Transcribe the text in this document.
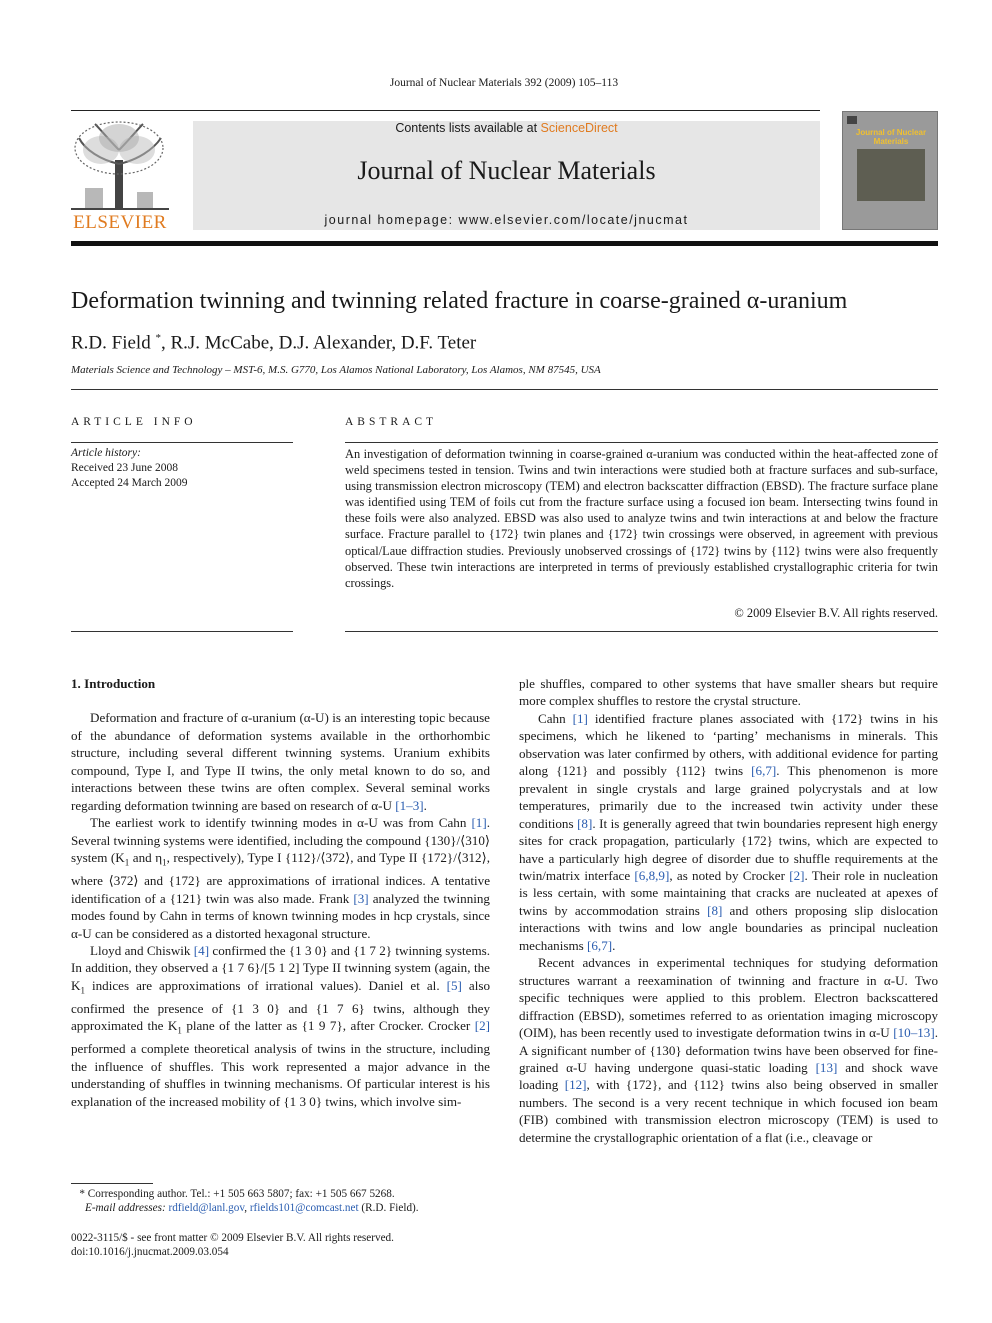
Journal of Nuclear Materials 392 (2009) 105–113
ELSEVIER
Contents lists available at ScienceDirect
Journal of Nuclear Materials
journal homepage: www.elsevier.com/locate/jnucmat
Journal of Nuclear Materials
Deformation twinning and twinning related fracture in coarse-grained α-uranium
R.D. Field *, R.J. McCabe, D.J. Alexander, D.F. Teter
Materials Science and Technology – MST-6, M.S. G770, Los Alamos National Laboratory, Los Alamos, NM 87545, USA
ARTICLE INFO	ABSTRACT
Article history:
Received 23 June 2008
Accepted 24 March 2009
An investigation of deformation twinning in coarse-grained α-uranium was conducted within the heat-affected zone of weld specimens tested in tension. Twins and twin interactions were studied both at fracture surfaces and sub-surface, using transmission electron microscopy (TEM) and electron backscatter diffraction (EBSD). The fracture surface plane was identified using TEM of foils cut from the fracture surface using a focused ion beam. Intersecting twins found in these foils were also analyzed. EBSD was also used to analyze twins and twin interactions at and below the fracture surface. Fracture parallel to {172} twin planes and {172} twin crossings were observed, in agreement with previous optical/Laue diffraction studies. Previously unobserved crossings of {172} twins by {112} twins were also frequently observed. These twin interactions are interpreted in terms of previously established crystallographic criteria for twin crossings.
© 2009 Elsevier B.V. All rights reserved.

1. Introduction

Deformation and fracture of α-uranium (α-U) is an interesting topic because of the abundance of deformation systems available in the orthorhombic structure, including several different twinning systems. Uranium exhibits compound, Type I, and Type II twins, the only metal known to do so, and interactions between these twins are often complex. Several seminal works regarding deformation twinning are based on research of α-U [1–3].

The earliest work to identify twinning modes in α-U was from Cahn [1]. Several twinning systems were identified, including the compound {130}/⟨310⟩ system ($K_1$ and $\eta_1$, respectively), Type I {112}/⟨372⟩, and Type II {172}/⟨312⟩, where ⟨372⟩ and {172} are approximations of irrational indices. A tentative identification of a {121} twin was also made. Frank [3] analyzed the twinning modes found by Cahn in terms of known twinning modes in hcp crystals, since α-U can be considered as a distorted hexagonal structure.

Lloyd and Chiswik [4] confirmed the {1 3 0} and {1 7 2} twinning systems. In addition, they observed a {1 7 6}/[5 1 2] Type II twinning system (again, the $K_1$ indices are approximations of irrational values). Daniel et al. [5] also confirmed the presence of {1 3 0} and {1 7 6} twins, although they approximated the $K_1$ plane of the latter as {1 9 7}, after Crocker. Crocker [2] performed a complete theoretical analysis of twins in the structure, including the influence of shuffles. This work represented a major advance in the understanding of shuffles in twinning mechanisms. Of particular interest is his explanation of the increased mobility of {1 3 0} twins, which involve sim-

ple shuffles, compared to other systems that have smaller shears but require more complex shuffles to restore the crystal structure.

Cahn [1] identified fracture planes associated with {172} twins in his specimens, which he likened to ‘parting’ mechanisms in minerals. This observation was later confirmed by others, with additional evidence for parting along {121} and possibly {112} twins [6,7]. This phenomenon is more prevalent in single crystals and large grained polycrystals and at low temperatures, primarily due to the increased twin activity under these conditions [8]. It is generally agreed that twin boundaries represent high energy sites for crack propagation, particularly {172} twins, which are expected to have a particularly high degree of disorder due to shuffle requirements at the twin/matrix interface [6,8,9], as noted by Crocker [2]. Their role in nucleation is less certain, with some maintaining that cracks are nucleated at apexes of twins by accommodation strains [8] and others proposing slip dislocation interactions with twins and low angle boundaries as principal nucleation mechanisms [6,7].

Recent advances in experimental techniques for studying deformation structures warrant a reexamination of twinning and fracture in α-U. Two specific techniques were applied to this problem. Electron backscattered diffraction (EBSD), sometimes referred to as orientation imaging microscopy (OIM), has been recently used to investigate deformation twins in α-U [10–13]. A significant number of {130} deformation twins have been observed for fine-grained α-U having undergone quasi-static loading [13] and shock wave loading [12], with {172}, and {112} twins also being observed in smaller numbers. The second is a very recent technique in which focused ion beam (FIB) combined with transmission electron microscopy (TEM) is used to determine the crystallographic orientation of a flat (i.e., cleavage or

* Corresponding author. Tel.: +1 505 663 5807; fax: +1 505 667 5268.
E-mail addresses: rdfield@lanl.gov, rfields101@comcast.net (R.D. Field).
0022-3115/$ - see front matter © 2009 Elsevier B.V. All rights reserved.
doi:10.1016/j.jnucmat.2009.03.054
